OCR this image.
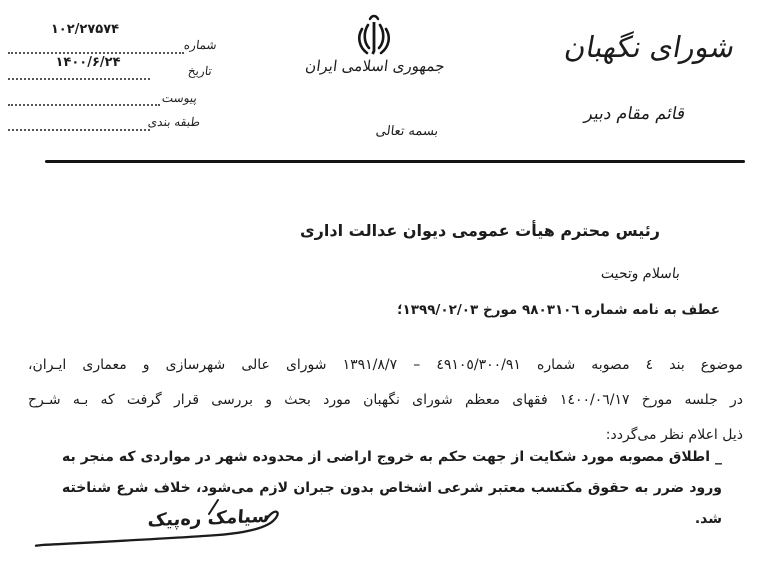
۱۰۲/۲۷۵۷۴
شماره
۱۴۰۰/۶/۲۴
تاریخ
پیوست
طبقه بندی
جمهوری اسلامی ایران
بسمه تعالی
شورای نگهبان
قائم مقام دبیر
رئیس محترم هیأت عمومی دیوان عدالت اداری
باسلام وتحیت
عطف به نامه شماره ٩٨٠٣١٠٦ مورخ ١٣٩٩/٠٢/٠٣؛
موضوع بند ٤ مصوبه شماره ٤٩١٠٥/٣٠٠/٩١ – ١٣٩١/٨/٧ شورای عالی شهرسازی و معماری ایـران،
در جلسه مورخ ١٤٠٠/٠٦/١٧ فقهای معظم شورای نگهبان مورد بحث و بررسی قرار گرفت که بـه شـرح
ذیل اعلام نظر می‌گردد:
_ اطلاق مصوبه مورد شکایت از جهت حکم به خروج اراضی از محدوده شهر در مواردی که منجر به
ورود ضرر به حقوق مکتسب معتبر شرعی اشخاص بدون جبران لازم می‌شود، خلاف شرع شناخته شد.
سیامک ره‌پیک
